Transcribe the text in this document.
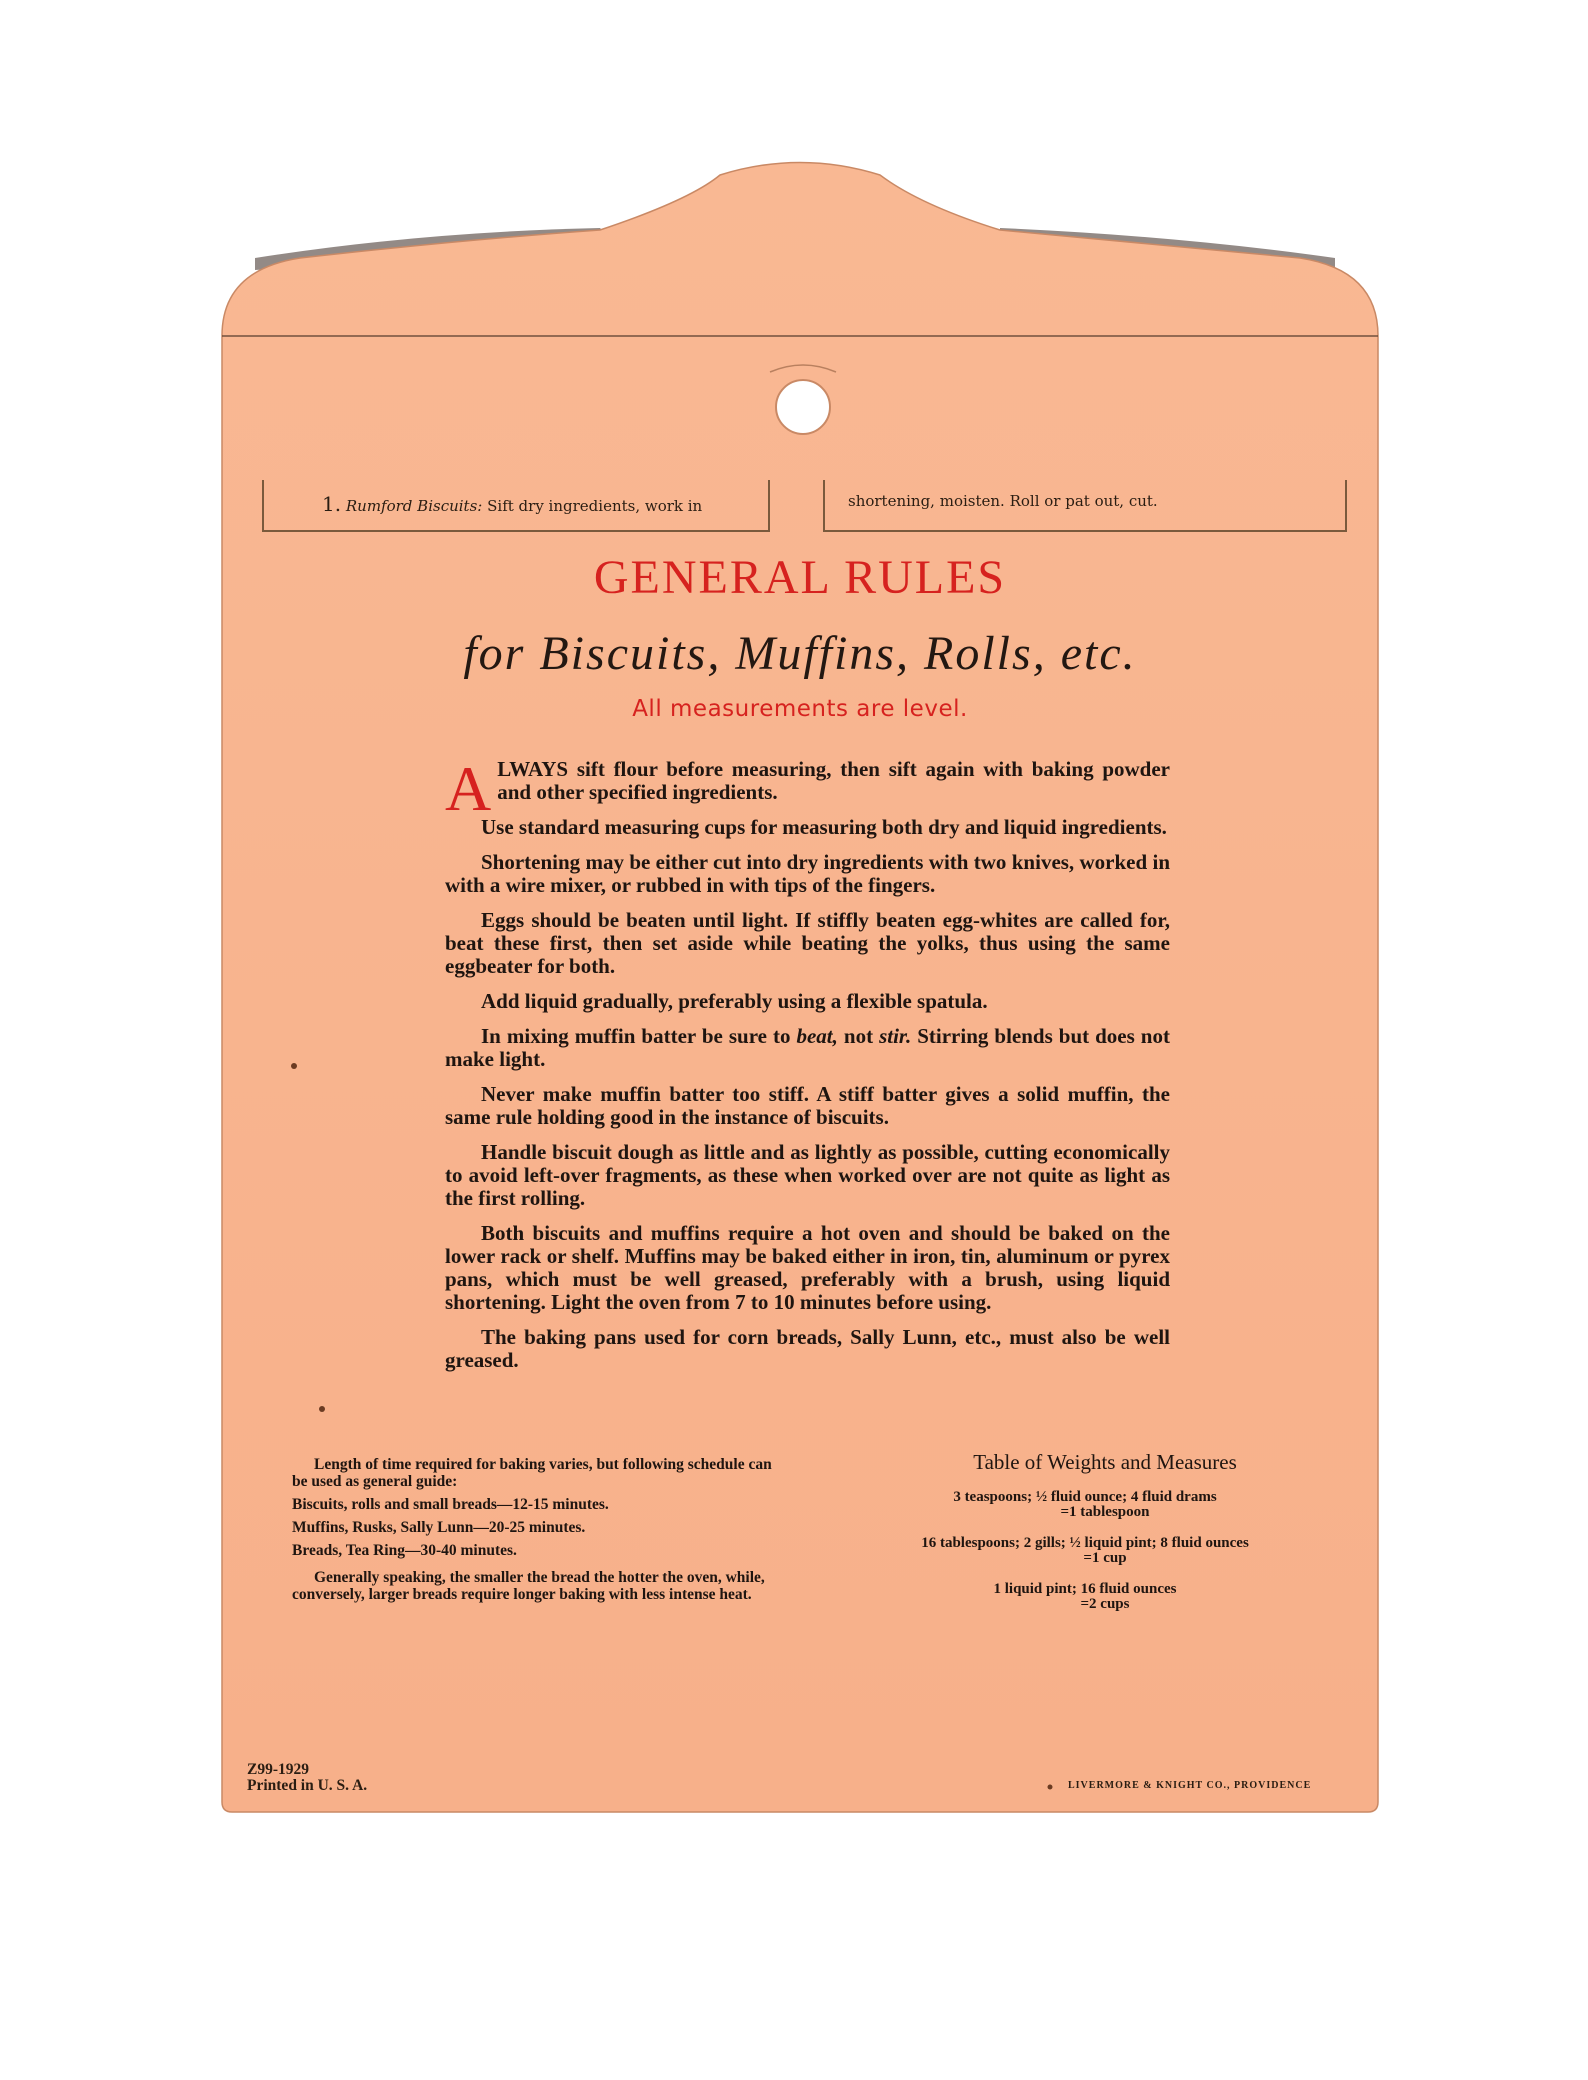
1. Rumford Biscuits: Sift dry ingredients, work in	shortening, moisten. Roll or pat out, cut.
GENERAL RULES
for Biscuits, Muffins, Rolls, etc.
All measurements are level.

ALWAYS sift flour before measuring, then sift again with baking powder and other specified ingredients.

Use standard measuring cups for measuring both dry and liquid ingredients.

Shortening may be either cut into dry ingredients with two knives, worked in with a wire mixer, or rubbed in with tips of the fingers.

Eggs should be beaten until light. If stiffly beaten egg-whites are called for, beat these first, then set aside while beating the yolks, thus using the same eggbeater for both.

Add liquid gradually, preferably using a flexible spatula.

In mixing muffin batter be sure to beat, not stir. Stirring blends but does not make light.

Never make muffin batter too stiff. A stiff batter gives a solid muffin, the same rule holding good in the instance of biscuits.

Handle biscuit dough as little and as lightly as possible, cutting economically to avoid left-over fragments, as these when worked over are not quite as light as the first rolling.

Both biscuits and muffins require a hot oven and should be baked on the lower rack or shelf. Muffins may be baked either in iron, tin, aluminum or pyrex pans, which must be well greased, preferably with a brush, using liquid shortening. Light the oven from 7 to 10 minutes before using.

The baking pans used for corn breads, Sally Lunn, etc., must also be well greased.

Length of time required for baking varies, but following schedule can be used as general guide:

Biscuits, rolls and small breads—12-15 minutes.

Muffins, Rusks, Sally Lunn—20-25 minutes.

Breads, Tea Ring—30-40 minutes.

Generally speaking, the smaller the bread the hotter the oven, while, conversely, larger breads require longer baking with less intense heat.

Table of Weights and Measures
3 teaspoons; ½ fluid ounce; 4 fluid drams
=1 tablespoon
16 tablespoons; 2 gills; ½ liquid pint; 8 fluid ounces
=1 cup
1 liquid pint; 16 fluid ounces
=2 cups
Z99-1929
Printed in U. S. A.	LIVERMORE & KNIGHT CO., PROVIDENCE
